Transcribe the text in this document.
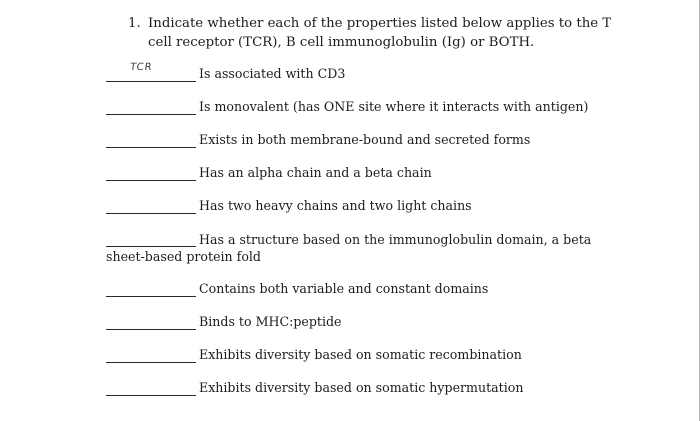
1. Indicate whether each of the properties listed below applies to the T cell receptor (TCR), B cell immunoglobulin (Ig) or BOTH.
TCR	Is associated with CD3
Is monovalent (has ONE site where it interacts with antigen)
Exists in both membrane-bound and secreted forms
Has an alpha chain and a beta chain
Has two heavy chains and two light chains
Has a structure based on the immunoglobulin domain, a beta sheet-based protein fold
Contains both variable and constant domains
Binds to MHC:peptide
Exhibits diversity based on somatic recombination
Exhibits diversity based on somatic hypermutation
